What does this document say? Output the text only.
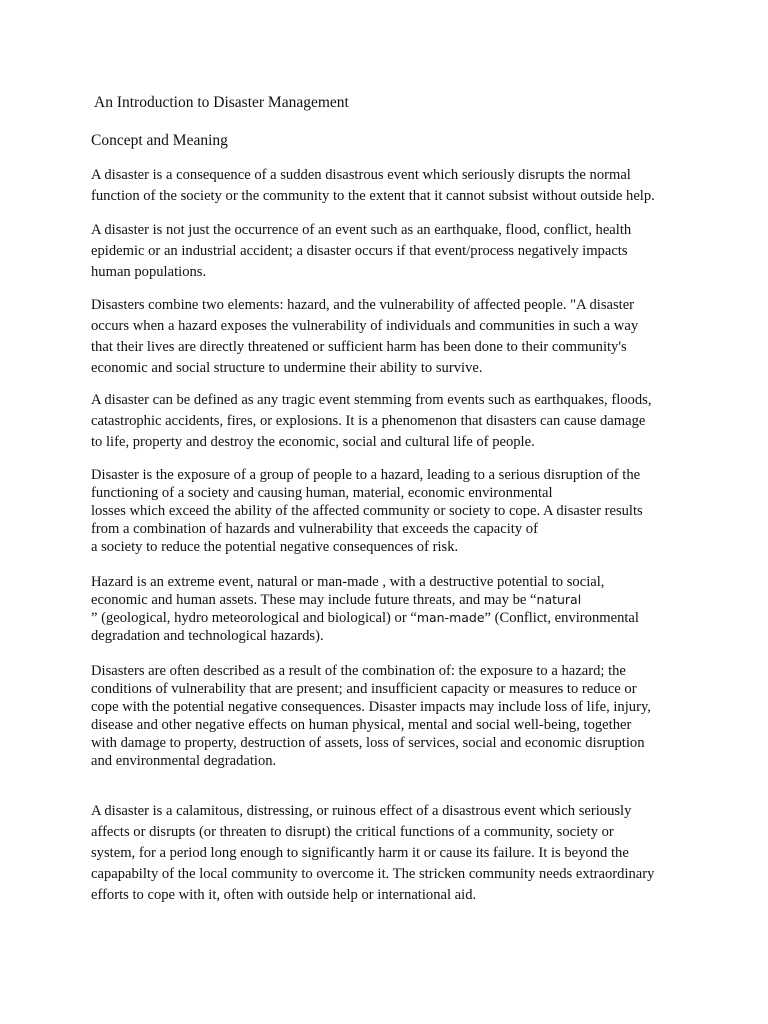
An Introduction to Disaster Management

Concept and Meaning

A disaster is a consequence of a sudden disastrous event which seriously disrupts the normal

function of the society or the community to the extent that it cannot subsist without outside help.

A disaster is not just the occurrence of an event such as an earthquake, flood, conflict, health

epidemic or an industrial accident; a disaster occurs if that event/process negatively impacts

human populations.

Disasters combine two elements: hazard, and the vulnerability of affected people. "A disaster

occurs when a hazard exposes the vulnerability of individuals and communities in such a way

that their lives are directly threatened or sufficient harm has been done to their community's

economic and social structure to undermine their ability to survive.

A disaster can be defined as any tragic event stemming from events such as earthquakes, floods,

catastrophic accidents, fires, or explosions. It is a phenomenon that disasters can cause damage

to life, property and destroy the economic, social and cultural life of people.

Disaster is the exposure of a group of people to a hazard, leading to a serious disruption of the

functioning of a society and causing human, material, economic environmental

losses which exceed the ability of the affected community or society to cope. A disaster results

from a combination of hazards and vulnerability that exceeds the capacity of

a society to reduce the potential negative consequences of risk.

Hazard is an extreme event, natural or man-made , with a destructive potential to social,

economic and human assets. These may include future threats, and may be “natural

” (geological, hydro meteorological and biological) or “man-made” (Conflict, environmental

degradation and technological hazards).

Disasters are often described as a result of the combination of: the exposure to a hazard; the

conditions of vulnerability that are present; and insufficient capacity or measures to reduce or

cope with the potential negative consequences. Disaster impacts may include loss of life, injury,

disease and other negative effects on human physical, mental and social well-being, together

with damage to property, destruction of assets, loss of services, social and economic disruption

and environmental degradation.

A disaster is a calamitous, distressing, or ruinous effect of a disastrous event which seriously

affects or disrupts (or threaten to disrupt) the critical functions of a community, society or

system, for a period long enough to significantly harm it or cause its failure. It is beyond the

capapabilty of the local community to overcome it. The stricken community needs extraordinary

efforts to cope with it, often with outside help or international aid.
